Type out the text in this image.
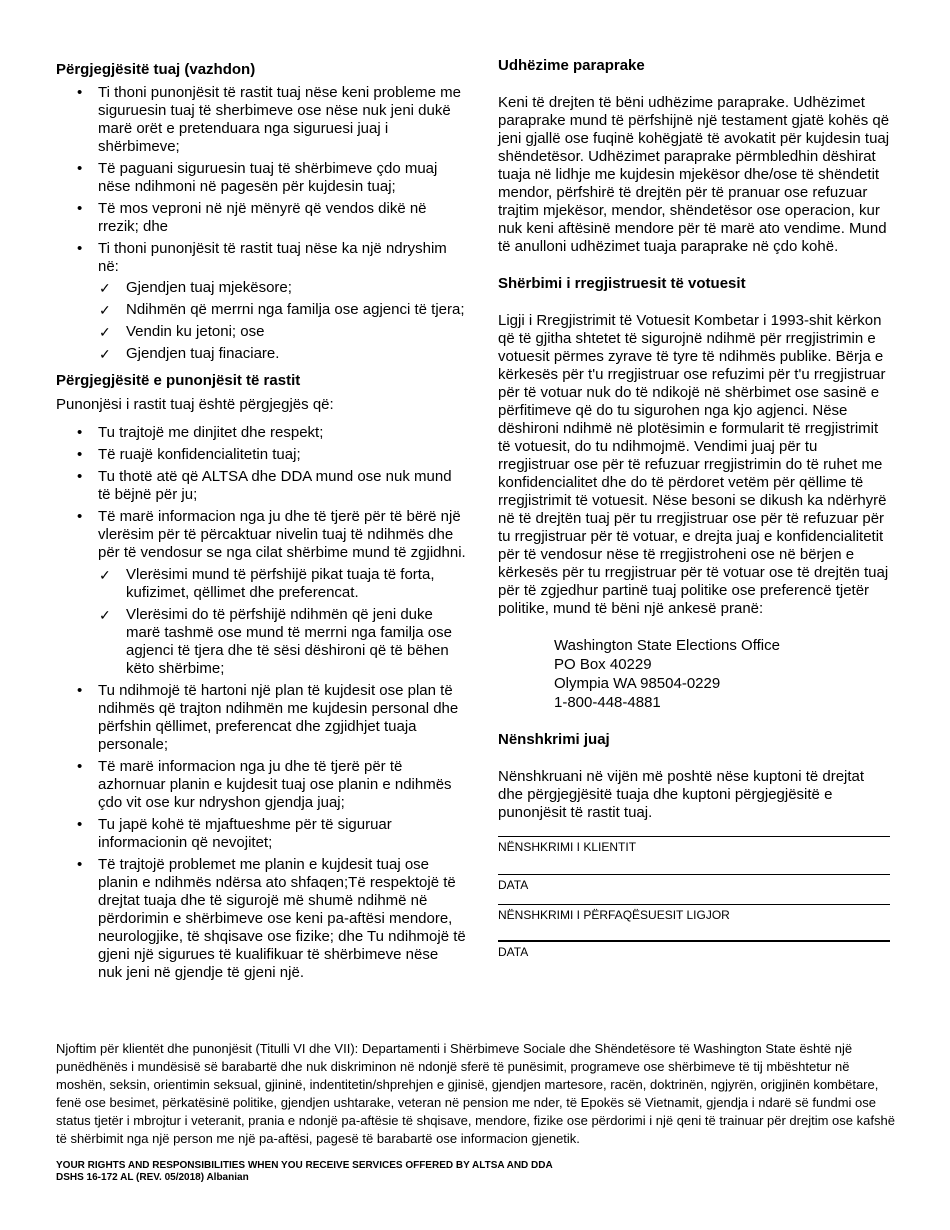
Përgjegjësitë tuaj (vazhdon)
• Ti thoni punonjësit të rastit tuaj nëse keni probleme me siguruesin tuaj të sherbimeve ose nëse nuk jeni dukë marë orët e pretenduara nga siguruesi juaj i shërbimeve;
• Të paguani siguruesin tuaj të shërbimeve çdo muaj nëse ndihmoni në pagesën për kujdesin tuaj;
• Të mos veproni në një mënyrë që vendos dikë në rrezik; dhe
• Ti thoni punonjësit të rastit tuaj nëse ka një ndryshim në:
✓ Gjendjen tuaj mjekësore;
✓ Ndihmën që merrni nga familja ose agjenci të tjera;
✓ Vendin ku jetoni; ose
✓ Gjendjen tuaj finaciare.
Përgjegjësitë e punonjësit të rastit

Punonjësi i rastit tuaj është përgjegjës që:

• Tu trajtojë me dinjitet dhe respekt;
• Të ruajë konfidencialitetin tuaj;
• Tu thotë atë që ALTSA dhe DDA mund ose nuk mund të bëjnë për ju;
• Të marë informacion nga ju dhe të tjerë për të bërë një vlerësim për të përcaktuar nivelin tuaj të ndihmës dhe për të vendosur se nga cilat shërbime mund të zgjidhni.
✓ Vlerësimi mund të përfshijë pikat tuaja të forta, kufizimet, qëllimet dhe preferencat.
✓ Vlerësimi do të përfshijë ndihmën që jeni duke marë tashmë ose mund të merrni nga familja ose agjenci të tjera dhe të sësi dëshironi që të bëhen këto shërbime;
• Tu ndihmojë të hartoni një plan të kujdesit ose plan të ndihmës që trajton ndihmën me kujdesin personal dhe përfshin qëllimet, preferencat dhe zgjidhjet tuaja personale;
• Të marë informacion nga ju dhe të tjerë për të azhornuar planin e kujdesit tuaj ose planin e ndihmës çdo vit ose kur ndryshon gjendja juaj;
• Tu japë kohë të mjaftueshme për të siguruar informacionin që nevojitet;
• Të trajtojë problemet me planin e kujdesit tuaj ose planin e ndihmës ndërsa ato shfaqen;Të respektojë të drejtat tuaja dhe të sigurojë më shumë ndihmë në përdorimin e shërbimeve ose keni pa-aftësi mendore, neurologjike, të shqisave ose fizike; dhe Tu ndihmojë të gjeni një sigurues të kualifikuar të shërbimeve nëse nuk jeni në gjendje të gjeni një.
Udhëzime paraprake

Keni të drejten të bëni udhëzime paraprake. Udhëzimet paraprake mund të përfshijnë një testament gjatë kohës që jeni gjallë ose fuqinë kohëgjatë të avokatit për kujdesin tuaj shëndetësor. Udhëzimet paraprake përmbledhin dëshirat tuaja në lidhje me kujdesin mjekësor dhe/ose të shëndetit mendor, përfshirë të drejtën për të pranuar ose refuzuar trajtim mjekësor, mendor, shëndetësor ose operacion, kur nuk keni aftësinë mendore për të marë ato vendime. Mund të anulloni udhëzimet tuaja paraprake në çdo kohë.

Shërbimi i rregjistruesit të votuesit

Ligji i Rregjistrimit të Votuesit Kombetar i 1993-shit kërkon që të gjitha shtetet të sigurojnë ndihmë për rregjistrimin e votuesit përmes zyrave të tyre të ndihmës publike. Bërja e kërkesës për t'u rregjistruar ose refuzimi për t'u rregjistruar për të votuar nuk do të ndikojë në shërbimet ose sasinë e përfitimeve që do tu sigurohen nga kjo agjenci. Nëse dëshironi ndihmë në plotësimin e formularit të rregjistrimit të votuesit, do tu ndihmojmë. Vendimi juaj për tu rregjistruar ose për të refuzuar rregjistrimin do të ruhet me konfidencialitet dhe do të përdoret vetëm për qëllime të rregjistrimit të votuesit. Nëse besoni se dikush ka ndërhyrë në të drejtën tuaj për tu rregjistruar ose për të refuzuar për tu rregjistruar për të votuar, e drejta juaj e konfidencialitetit për të vendosur nëse të rregjistroheni ose në bërjen e kërkesës për tu rregjistruar për të votuar ose të drejtën tuaj për të zgjedhur partinë tuaj politike ose preferencë tjetër politike, mund të bëni një ankesë pranë:

Washington State Elections Office

PO Box 40229

Olympia WA 98504-0229

1-800-448-4881

Nënshkrimi juaj

Nënshkruani në vijën më poshtë nëse kuptoni të drejtat dhe përgjegjësitë tuaja dhe kuptoni përgjegjësitë e punonjësit të rastit tuaj.

NËNSHKRIMI I KLIENTIT
DATA
NËNSHKRIMI I PËRFAQËSUESIT LIGJOR
DATA
Njoftim për klientët dhe punonjësit (Titulli VI dhe VII): Departamenti i Shërbimeve Sociale dhe Shëndetësore të Washington State është një punëdhënës i mundësisë së barabartë dhe nuk diskriminon në ndonjë sferë të punësimit, programeve ose shërbimeve të tij mbështetur në moshën, seksin, orientimin seksual, gjininë, indentitetin/shprehjen e gjinisë, gjendjen martesore, racën, doktrinën, ngjyrën, origjinën kombëtare, fenë ose besimet, përkatësinë politike, gjendjen ushtarake, veteran në pension me nder, të Epokës së Vietnamit, gjendja i ndarë së fundmi ose status tjetër i mbrojtur i veteranit, prania e ndonjë pa-aftësie të shqisave, mendore, fizike ose përdorimi i një qeni të trainuar për drejtim ose kafshë të shërbimit nga një person me një pa-aftësi, pagesë të barabartë ose informacion gjenetik.
YOUR RIGHTS AND RESPONSIBILITIES WHEN YOU RECEIVE SERVICES OFFERED BY ALTSA AND DDA
DSHS 16-172 AL (REV. 05/2018) Albanian
